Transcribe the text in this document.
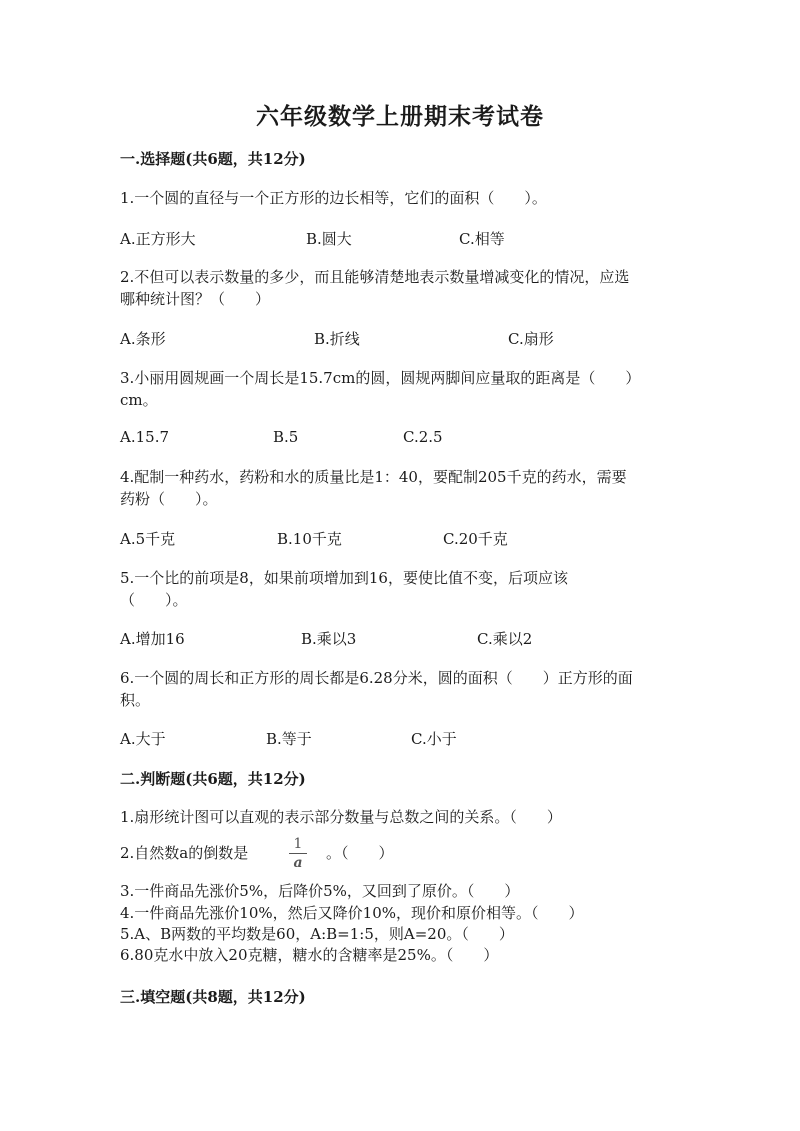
六年级数学上册期末考试卷
一.选择题(共6题，共12分)
1.一个圆的直径与一个正方形的边长相等，它们的面积（　　）。
A.正方形大	B.圆大	C.相等
2.不但可以表示数量的多少，而且能够清楚地表示数量增减变化的情况，应选
哪种统计图？（　　）
A.条形	B.折线	C.扇形
3.小丽用圆规画一个周长是15.7cm的圆，圆规两脚间应量取的距离是（　　）
cm。
A.15.7	B.5	C.2.5
4.配制一种药水，药粉和水的质量比是1：40，要配制205千克的药水，需要
药粉（　　）。
A.5千克	B.10千克	C.20千克
5.一个比的前项是8，如果前项增加到16，要使比值不变，后项应该
（　　）。
A.增加16	B.乘以3	C.乘以2
6.一个圆的周长和正方形的周长都是6.28分米，圆的面积（　　）正方形的面
积。
A.大于	B.等于	C.小于
二.判断题(共6题，共12分)
1.扇形统计图可以直观的表示部分数量与总数之间的关系。（　　）
2.自然数a的倒数是	1
a
。（　　）
3.一件商品先涨价5%，后降价5%，又回到了原价。（　　）
4.一件商品先涨价10%，然后又降价10%，现价和原价相等。（　　）
5.A、B两数的平均数是60，A:B=1:5，则A=20。（　　）
6.80克水中放入20克糖，糖水的含糖率是25%。（　　）
三.填空题(共8题，共12分)
